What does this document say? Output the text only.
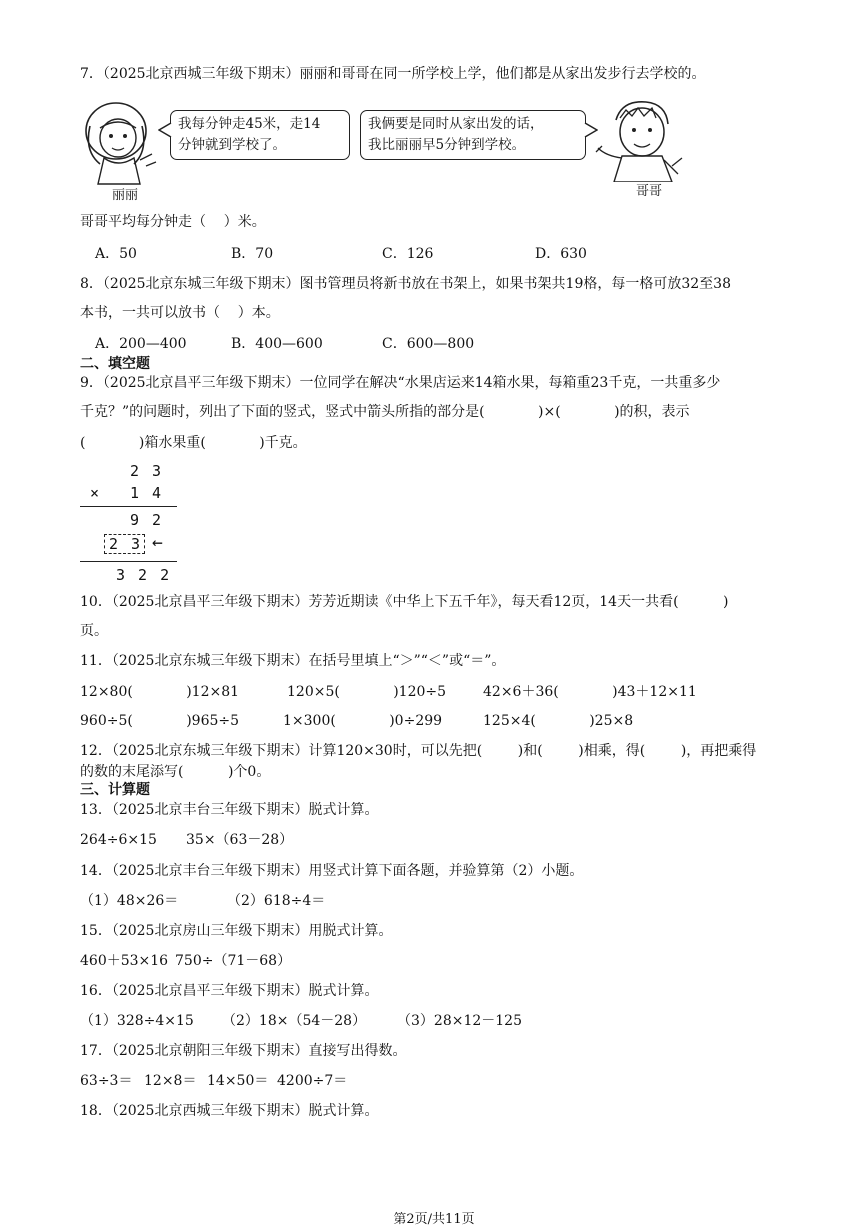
7．（2025北京西城三年级下期末）丽丽和哥哥在同一所学校上学，他们都是从家出发步行去学校的。
丽丽
我每分钟走45米，走14
分钟就到学校了。
我俩要是同时从家出发的话，
我比丽丽早5分钟到学校。
哥哥
哥哥平均每分钟走（    ）米。
A．50	B．70	C．126	D．630
8．（2025北京东城三年级下期末）图书管理员将新书放在书架上，如果书架共19格，每一格可放32至38
本书，一共可以放书（    ）本。
A．200—400	B．400—600	C．600—800
二、填空题
9．（2025北京昌平三年级下期末）一位同学在解决“水果店运来14箱水果，每箱重23千克，一共重多少
千克？”的问题时，列出了下面的竖式，竖式中箭头所指的部分是(            )×(            )的积，表示
(            )箱水果重(            )千克。
2 3
× 1 4
9 2
2 3 ←
3 2 2
10．（2025北京昌平三年级下期末）芳芳近期读《中华上下五千年》，每天看12页，14天一共看(          )
页。
11．（2025北京东城三年级下期末）在括号里填上“＞”“＜”或“＝”。
12×80(            )12×81	120×5(            )120÷5	42×6＋36(            )43＋12×11
960÷5(            )965÷5	1×300(            )0÷299	125×4(            )25×8
12．（2025北京东城三年级下期末）计算120×30时，可以先把(        )和(        )相乘，得(        )，再把乘得
的数的末尾添写(          )个0。
三、计算题
13．（2025北京丰台三年级下期末）脱式计算。
264÷6×15 35×（63－28）
14．（2025北京丰台三年级下期末）用竖式计算下面各题，并验算第（2）小题。
（1）48×26＝	（2）618÷4＝
15．（2025北京房山三年级下期末）用脱式计算。
460＋53×16 750÷（71－68）
16．（2025北京昌平三年级下期末）脱式计算。
（1）328÷4×15 （2）18×（54－28） （3）28×12－125
17．（2025北京朝阳三年级下期末）直接写出得数。
63÷3＝ 12×8＝ 14×50＝ 4200÷7＝
18．（2025北京西城三年级下期末）脱式计算。
第2页/共11页
